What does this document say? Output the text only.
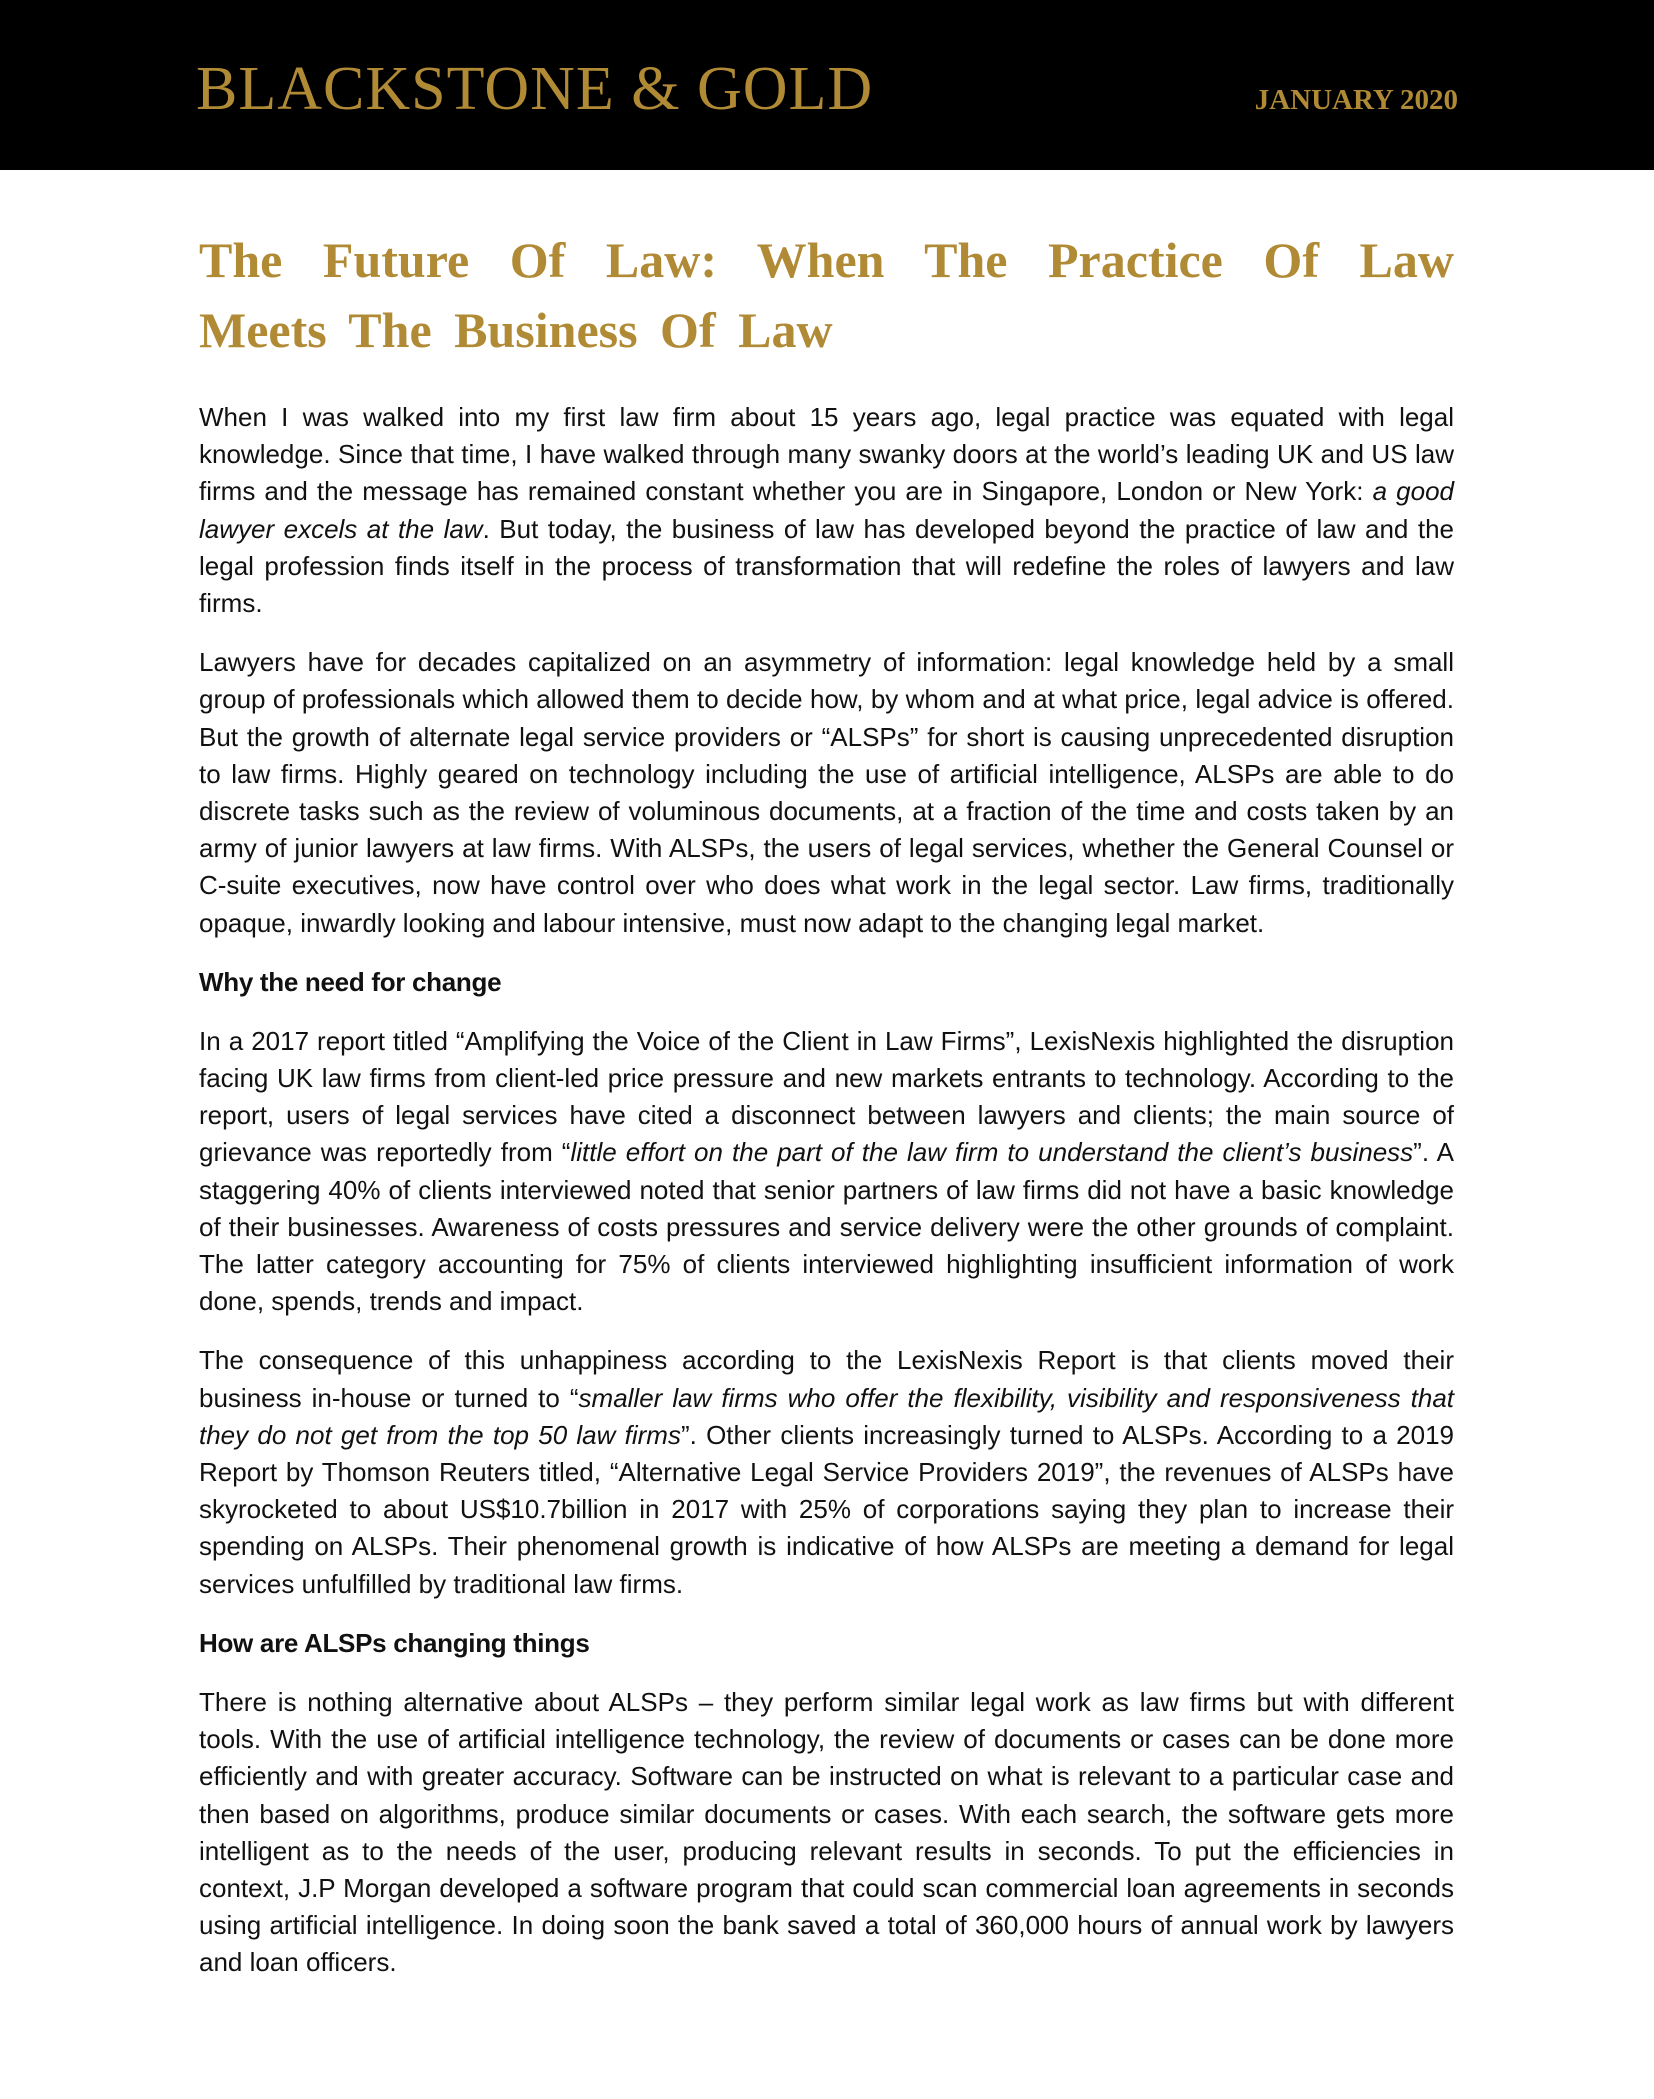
BLACKSTONE & GOLD	JANUARY 2020
The Future Of Law: When The Practice Of Law Meets The Business Of Law

When I was walked into my first law firm about 15 years ago, legal practice was equated with legal knowledge. Since that time, I have walked through many swanky doors at the world’s leading UK and US law firms and the message has remained constant whether you are in Singapore, London or New York: a good lawyer excels at the law. But today, the business of law has developed beyond the practice of law and the legal profession finds itself in the process of transformation that will redefine the roles of lawyers and law firms.

Lawyers have for decades capitalized on an asymmetry of information: legal knowledge held by a small group of professionals which allowed them to decide how, by whom and at what price, legal advice is offered. But the growth of alternate legal service providers or “ALSPs” for short is causing unprecedented disruption to law firms. Highly geared on technology including the use of artificial intelligence, ALSPs are able to do discrete tasks such as the review of voluminous documents, at a fraction of the time and costs taken by an army of junior lawyers at law firms. With ALSPs, the users of legal services, whether the General Counsel or C-suite executives, now have control over who does what work in the legal sector. Law firms, traditionally opaque, inwardly looking and labour intensive, must now adapt to the changing legal market.

Why the need for change

In a 2017 report titled “Amplifying the Voice of the Client in Law Firms”, LexisNexis highlighted the disruption facing UK law firms from client-led price pressure and new markets entrants to technology. According to the report, users of legal services have cited a disconnect between lawyers and clients; the main source of grievance was reportedly from “little effort on the part of the law firm to understand the client’s business”. A staggering 40% of clients interviewed noted that senior partners of law firms did not have a basic knowledge of their businesses. Awareness of costs pressures and service delivery were the other grounds of complaint. The latter category accounting for 75% of clients interviewed highlighting insufficient information of work done, spends, trends and impact.

The consequence of this unhappiness according to the LexisNexis Report is that clients moved their business in-house or turned to “smaller law firms who offer the flexibility, visibility and responsiveness that they do not get from the top 50 law firms”. Other clients increasingly turned to ALSPs. According to a 2019 Report by Thomson Reuters titled, “Alternative Legal Service Providers 2019”, the revenues of ALSPs have skyrocketed to about US$10.7billion in 2017 with 25% of corporations saying they plan to increase their spending on ALSPs. Their phenomenal growth is indicative of how ALSPs are meeting a demand for legal services unfulfilled by traditional law firms.

How are ALSPs changing things

There is nothing alternative about ALSPs – they perform similar legal work as law firms but with different tools. With the use of artificial intelligence technology, the review of documents or cases can be done more efficiently and with greater accuracy. Software can be instructed on what is relevant to a particular case and then based on algorithms, produce similar documents or cases. With each search, the software gets more intelligent as to the needs of the user, producing relevant results in seconds. To put the efficiencies in context, J.P Morgan developed a software program that could scan commercial loan agreements in seconds using artificial intelligence. In doing soon the bank saved a total of 360,000 hours of annual work by lawyers and loan officers.
